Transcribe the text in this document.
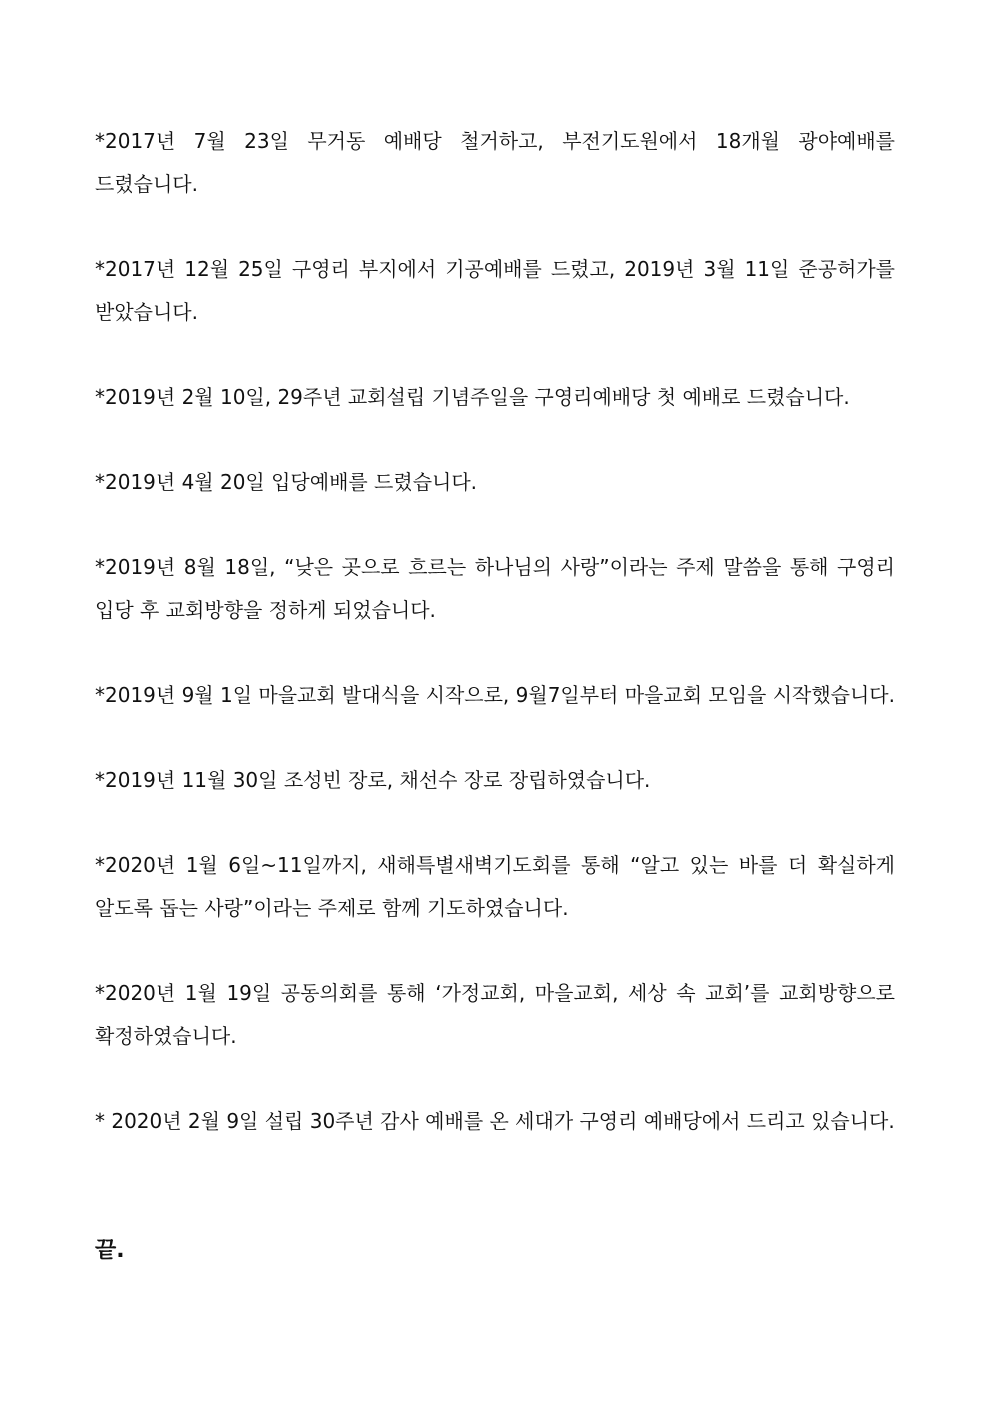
*2017년 7월 23일 무거동 예배당 철거하고, 부전기도원에서 18개월 광야예배를 드렸습니다.

*2017년 12월 25일 구영리 부지에서 기공예배를 드렸고, 2019년 3월 11일 준공허가를 받았습니다.

*2019년 2월 10일, 29주년 교회설립 기념주일을 구영리예배당 첫 예배로 드렸습니다.

*2019년 4월 20일 입당예배를 드렸습니다.

*2019년 8월 18일, “낮은 곳으로 흐르는 하나님의 사랑”이라는 주제 말씀을 통해 구영리 입당 후 교회방향을 정하게 되었습니다.

*2019년 9월 1일 마을교회 발대식을 시작으로, 9월7일부터 마을교회 모임을 시작했습니다.

*2019년 11월 30일 조성빈 장로, 채선수 장로 장립하였습니다.

*2020년 1월 6일~11일까지, 새해특별새벽기도회를 통해 “알고 있는 바를 더 확실하게 알도록 돕는 사랑”이라는 주제로 함께 기도하였습니다.

*2020년 1월 19일 공동의회를 통해 ‘가정교회, 마을교회, 세상 속 교회’를 교회방향으로 확정하였습니다.

* 2020년 2월 9일 설립 30주년 감사 예배를 온 세대가 구영리 예배당에서 드리고 있습니다.

끝.
